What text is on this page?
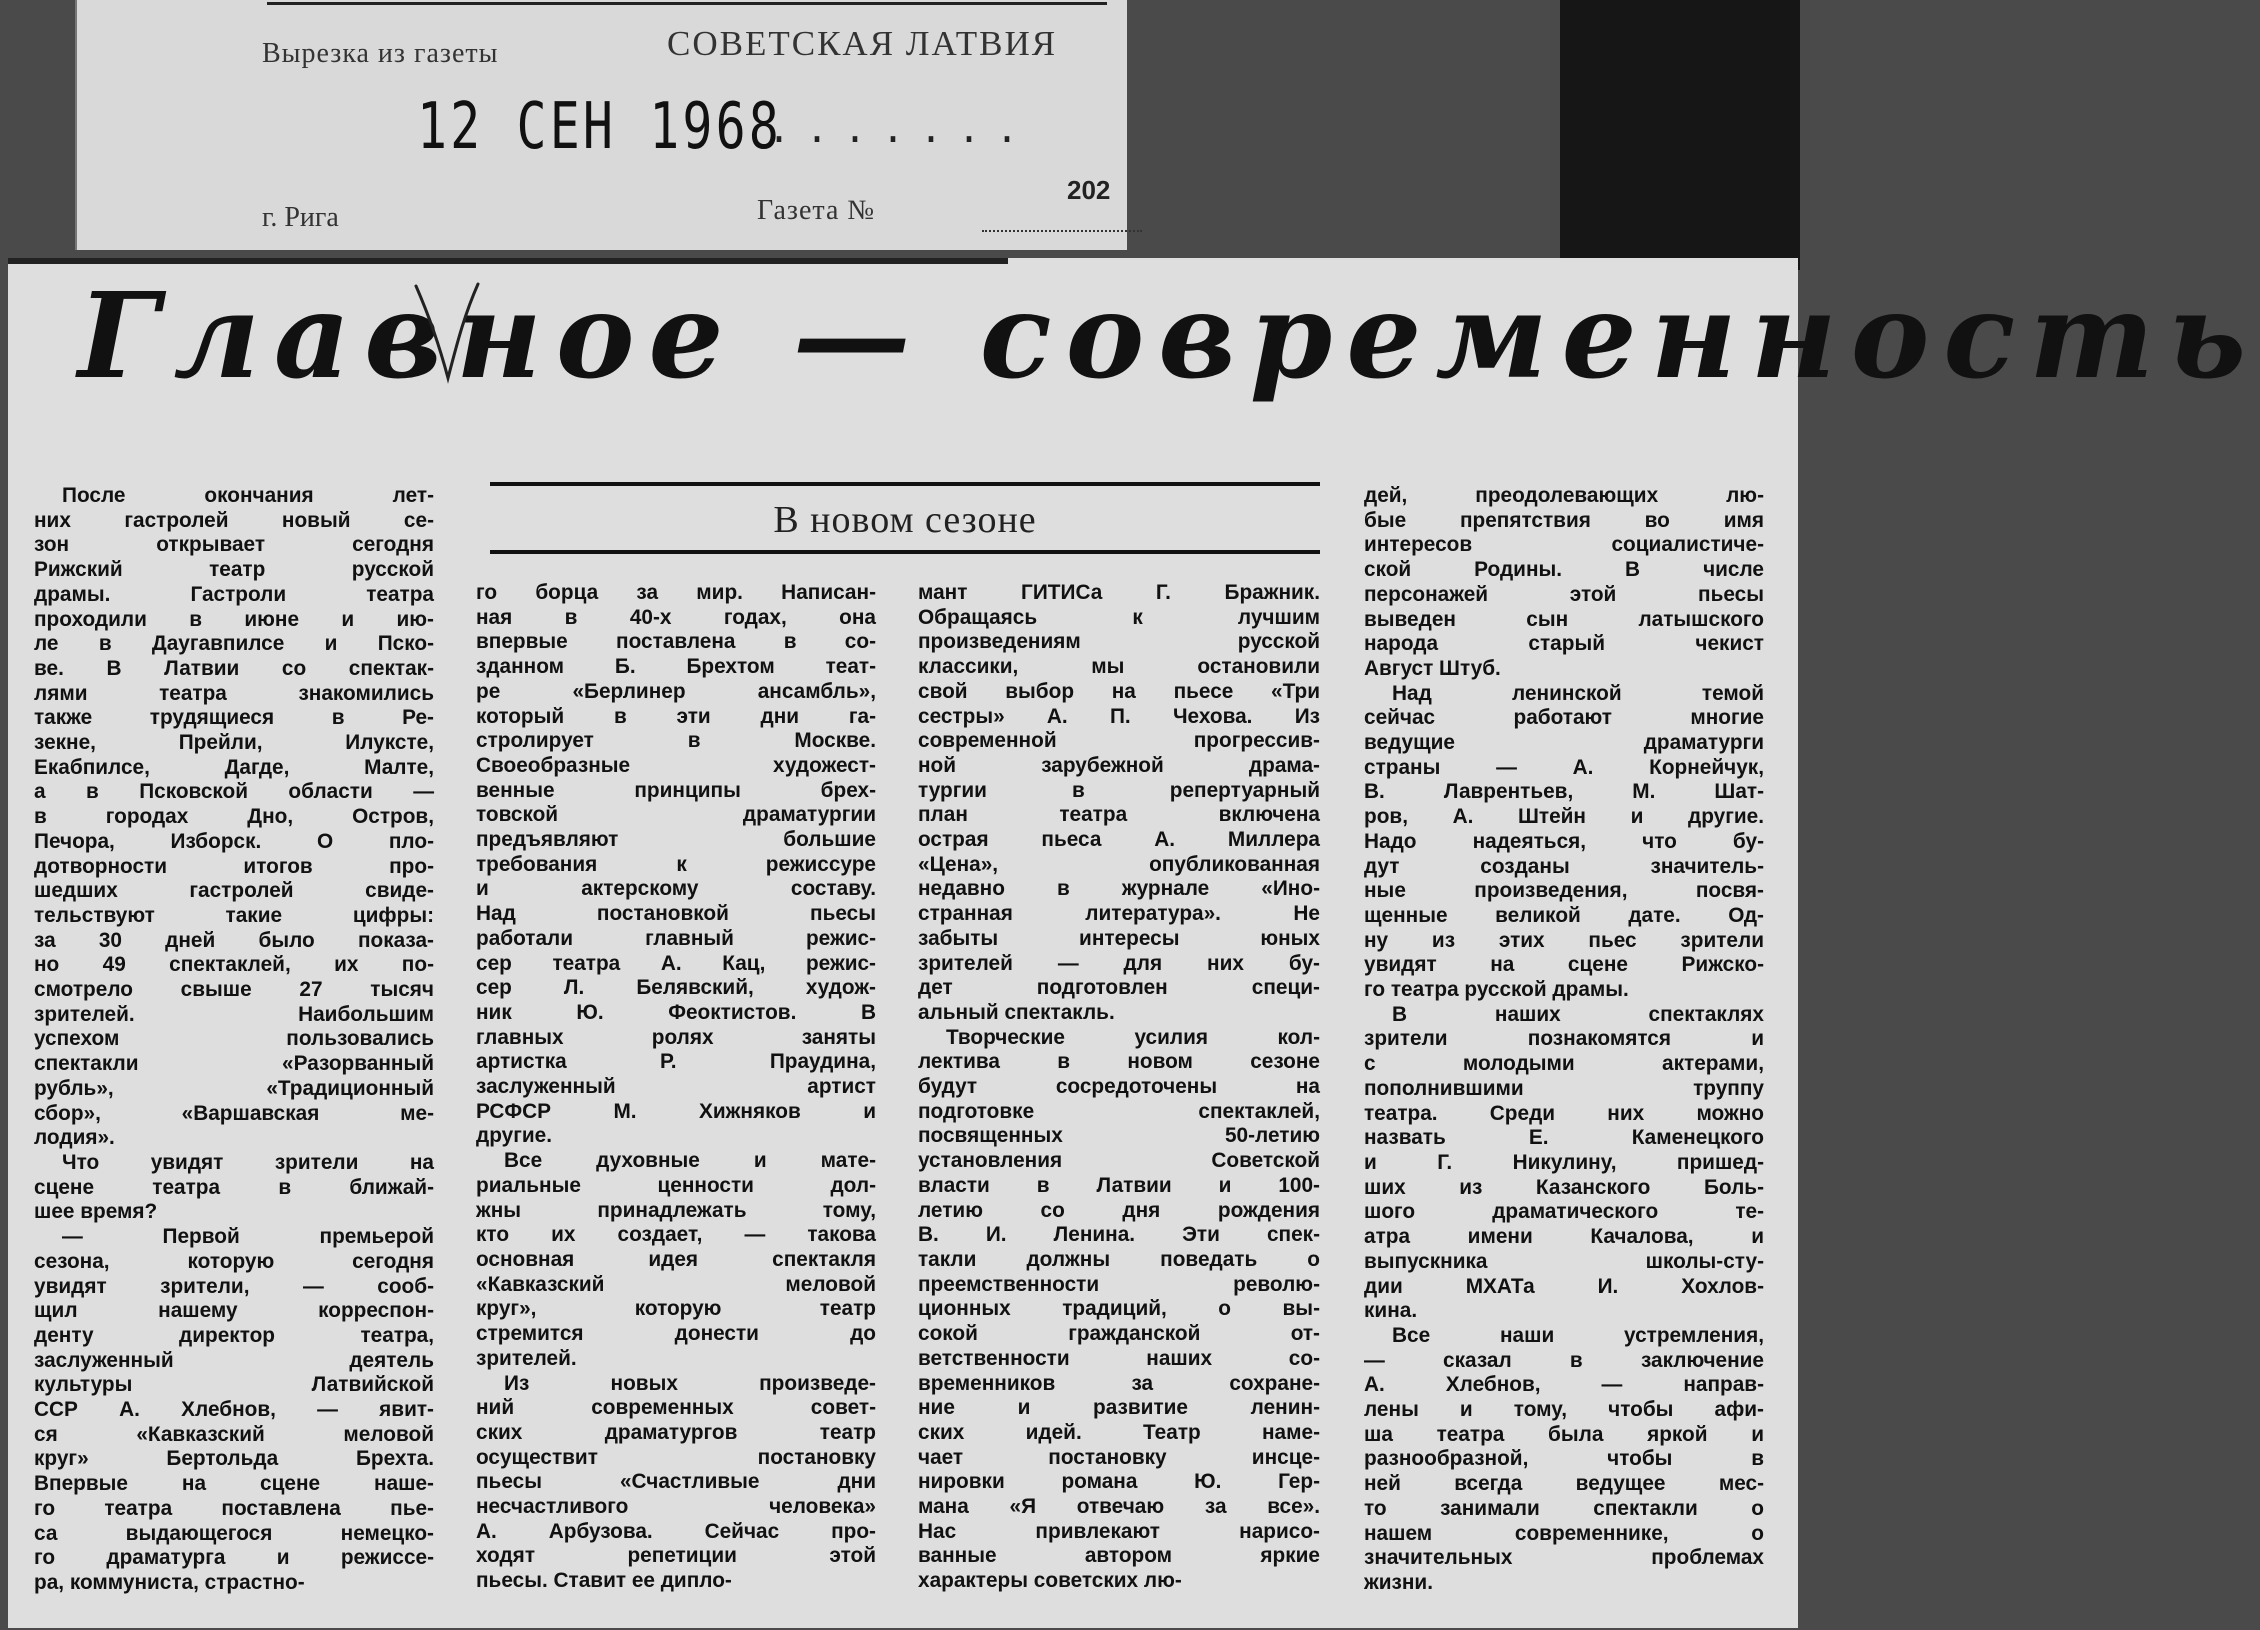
Вырезка из газеты	СОВЕТСКАЯ ЛАТВИЯ
12 СЕН 1968
.......
г. Рига	Газета №
202
Главное — современность
В новом сезоне
После окончания лет-
них гастролей новый се-
зон открывает сегодня
Рижский театр русской
драмы. Гастроли театра
проходили в июне и ию-
ле в Даугавпилсе и Пско-
ве. В Латвии со спектак-
лями театра знакомились
также трудящиеся в Ре-
зекне, Прейли, Илуксте,
Екабпилсе, Дагде, Малте,
а в Псковской области —
в городах Дно, Остров,
Печора, Изборск. О пло-
дотворности итогов про-
шедших гастролей свиде-
тельствуют такие цифры:
за 30 дней было показа-
но 49 спектаклей, их по-
смотрело свыше 27 тысяч
зрителей. Наибольшим
успехом пользовались
спектакли «Разорванный
рубль», «Традиционный
сбор», «Варшавская ме-
лодия».
Что увидят зрители на
сцене театра в ближай-
шее время?
— Первой премьерой
сезона, которую сегодня
увидят зрители, — сооб-
щил нашему корреспон-
денту директор театра,
заслуженный деятель
культуры Латвийской
ССР А. Хлебнов, — явит-
ся «Кавказский меловой
круг» Бертольда Брехта.
Впервые на сцене наше-
го театра поставлена пье-
са выдающегося немецко-
го драматурга и режиссе-
ра, коммуниста, страстно-
го борца за мир. Написан-
ная в 40-х годах, она
впервые поставлена в со-
зданном Б. Брехтом теат-
ре «Берлинер ансамбль»,
который в эти дни га-
стролирует в Москве.
Своеобразные художест-
венные принципы брех-
товской драматургии
предъявляют большие
требования к режиссуре
и актерскому составу.
Над постановкой пьесы
работали главный режис-
сер театра А. Кац, режис-
сер Л. Белявский, худож-
ник Ю. Феоктистов. В
главных ролях заняты
артистка Р. Праудина,
заслуженный артист
РСФСР М. Хижняков и
другие.
Все духовные и мате-
риальные ценности дол-
жны принадлежать тому,
кто их создает, — такова
основная идея спектакля
«Кавказский меловой
круг», которую театр
стремится донести до
зрителей.
Из новых произведе-
ний современных совет-
ских драматургов театр
осуществит постановку
пьесы «Счастливые дни
несчастливого человека»
А. Арбузова. Сейчас про-
ходят репетиции этой
пьесы. Ставит ее дипло-
мант ГИТИСа Г. Бражник.
Обращаясь к лучшим
произведениям русской
классики, мы остановили
свой выбор на пьесе «Три
сестры» А. П. Чехова. Из
современной прогрессив-
ной зарубежной драма-
тургии в репертуарный
план театра включена
острая пьеса А. Миллера
«Цена», опубликованная
недавно в журнале «Ино-
странная литература». Не
забыты интересы юных
зрителей — для них бу-
дет подготовлен специ-
альный спектакль.
Творческие усилия кол-
лектива в новом сезоне
будут сосредоточены на
подготовке спектаклей,
посвященных 50-летию
установления Советской
власти в Латвии и 100-
летию со дня рождения
В. И. Ленина. Эти спек-
такли должны поведать о
преемственности револю-
ционных традиций, о вы-
сокой гражданской от-
ветственности наших со-
временников за сохране-
ние и развитие ленин-
ских идей. Театр наме-
чает постановку инсце-
нировки романа Ю. Гер-
мана «Я отвечаю за все».
Нас привлекают нарисо-
ванные автором яркие
характеры советских лю-
дей, преодолевающих лю-
бые препятствия во имя
интересов социалистиче-
ской Родины. В числе
персонажей этой пьесы
выведен сын латышского
народа старый чекист
Август Штуб.
Над ленинской темой
сейчас работают многие
ведущие драматурги
страны — А. Корнейчук,
В. Лаврентьев, М. Шат-
ров, А. Штейн и другие.
Надо надеяться, что бу-
дут созданы значитель-
ные произведения, посвя-
щенные великой дате. Од-
ну из этих пьес зрители
увидят на сцене Рижско-
го театра русской драмы.
В наших спектаклях
зрители познакомятся и
с молодыми актерами,
пополнившими труппу
театра. Среди них можно
назвать Е. Каменецкого
и Г. Никулину, пришед-
ших из Казанского Боль-
шого драматического те-
атра имени Качалова, и
выпускника школы-сту-
дии МХАТа И. Хохлов-
кина.
Все наши устремления,
— сказал в заключение
А. Хлебнов, — направ-
лены и тому, чтобы афи-
ша театра была яркой и
разнообразной, чтобы в
ней всегда ведущее мес-
то занимали спектакли о
нашем современнике, о
значительных проблемах
жизни.
